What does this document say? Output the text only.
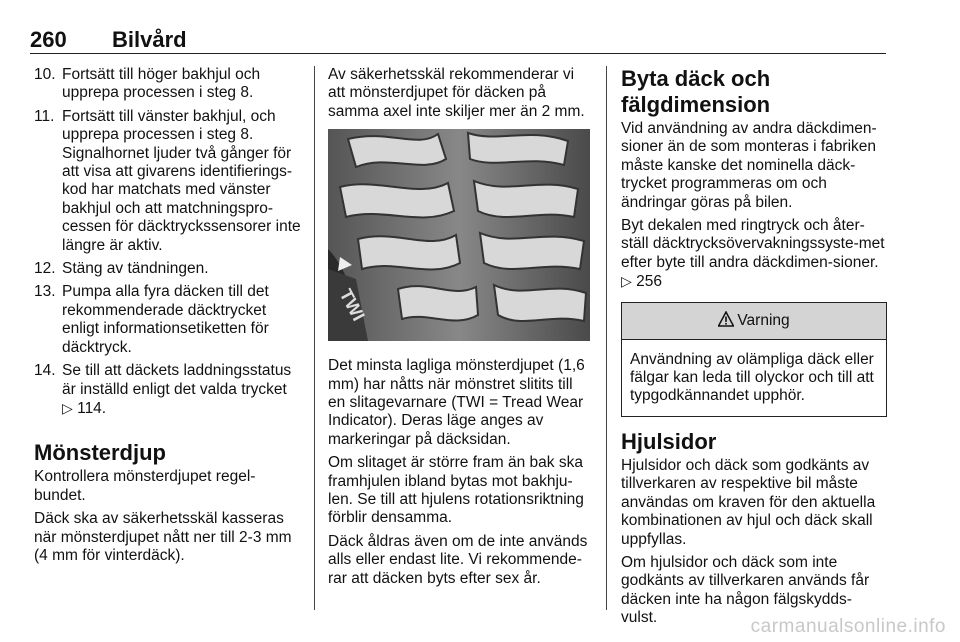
260 Bilvård
10. Fortsätt till höger bakhjul och upprepa processen i steg 8.
11. Fortsätt till vänster bakhjul, och upprepa processen i steg 8. Signalhornet ljuder två gånger för att visa att givarens identifierings-kod har matchats med vänster bakhjul och att matchningspro-cessen för däcktryckssensorer inte längre är aktiv.
12. Stäng av tändningen.
13. Pumpa alla fyra däcken till det rekommenderade däcktrycket enligt informationsetiketten för däcktryck.
14. Se till att däckets laddningsstatus är inställd enligt det valda trycket
▷ 114.
Mönsterdjup

Kontrollera mönsterdjupet regel-bundet.

Däck ska av säkerhetsskäl kasseras när mönsterdjupet nått ner till 2-3 mm (4 mm för vinterdäck).

Av säkerhetsskäl rekommenderar vi att mönsterdjupet för däcken på samma axel inte skiljer mer än 2 mm.

TWI

Det minsta lagliga mönsterdjupet (1,6 mm) har nåtts när mönstret slitits till en slitagevarnare (TWI = Tread Wear Indicator). Deras läge anges av markeringar på däcksidan.

Om slitaget är större fram än bak ska framhjulen ibland bytas mot bakhju-len. Se till att hjulens rotationsriktning förblir densamma.

Däck åldras även om de inte används alls eller endast lite. Vi rekommende-rar att däcken byts efter sex år.

Byta däck och fälgdimension

Vid användning av andra däckdimen-sioner än de som monteras i fabriken måste kanske det nominella däck-trycket programmeras om och ändringar göras på bilen.

Byt dekalen med ringtryck och åter-ställ däcktrycksövervakningssyste-met efter byte till andra däckdimen-sioner. ▷ 256

Varning
Användning av olämpliga däck eller fälgar kan leda till olyckor och till att typgodkännandet upphör.
Hjulsidor

Hjulsidor och däck som godkänts av tillverkaren av respektive bil måste användas om kraven för den aktuella kombinationen av hjul och däck skall uppfyllas.

Om hjulsidor och däck som inte godkänts av tillverkaren används får däcken inte ha någon fälgskydds-vulst.	carmanualsonline.info
